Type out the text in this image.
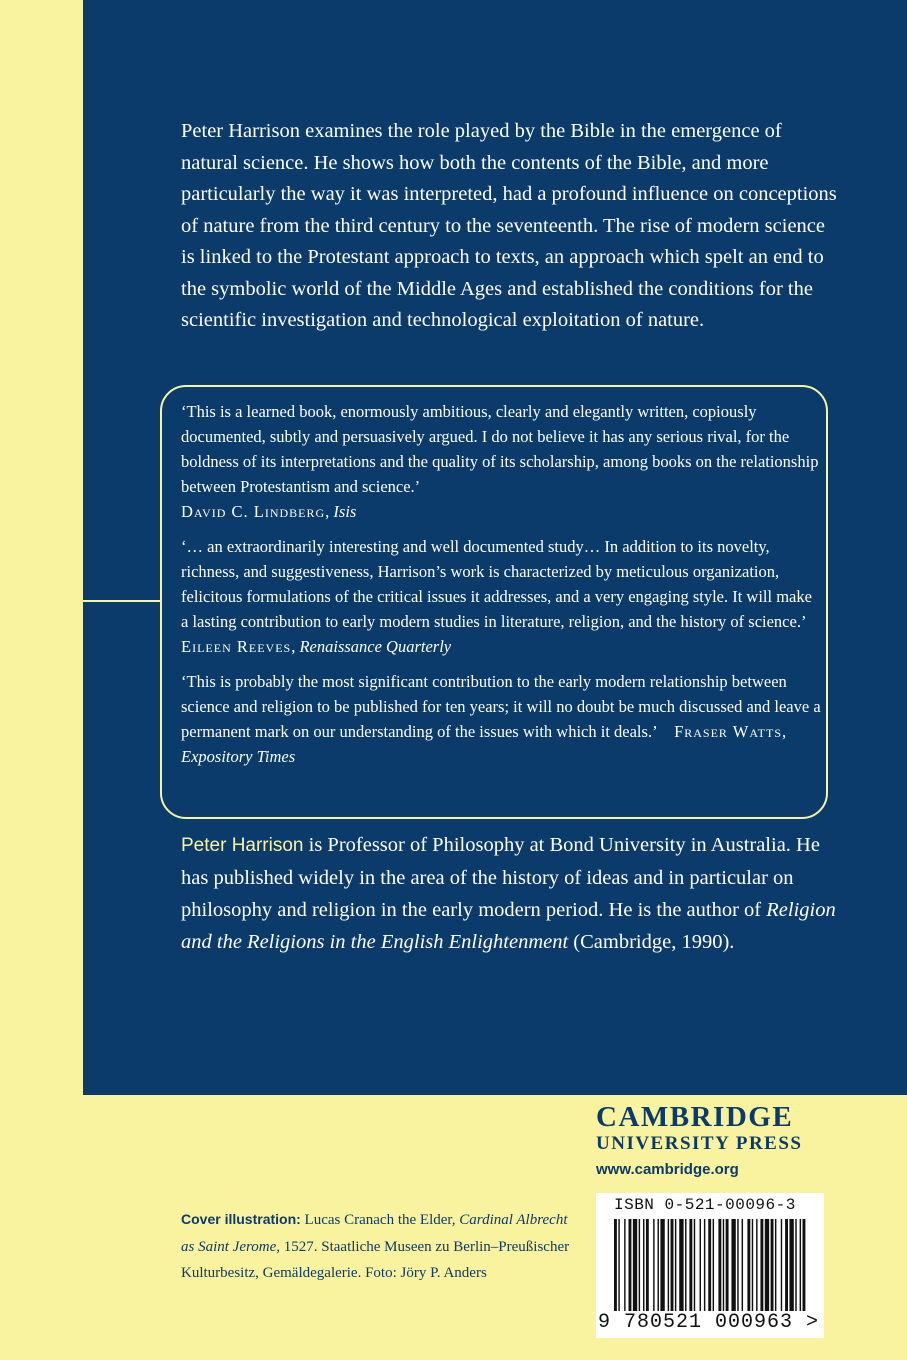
Peter Harrison examines the role played by the Bible in the emergence of natural science. He shows how both the contents of the Bible, and more particularly the way it was interpreted, had a profound influence on conceptions of nature from the third century to the seventeenth. The rise of modern science is linked to the Protestant approach to texts, an approach which spelt an end to the symbolic world of the Middle Ages and established the conditions for the scientific investigation and technological exploitation of nature.

‘This is a learned book, enormously ambitious, clearly and elegantly written, copiously documented, subtly and persuasively argued. I do not believe it has any serious rival, for the boldness of its interpretations and the quality of its scholarship, among books on the relationship between Protestantism and science.’
David C. Lindberg, Isis

‘… an extraordinarily interesting and well documented study… In addition to its novelty, richness, and suggestiveness, Harrison’s work is characterized by meticulous organization, felicitous formulations of the critical issues it addresses, and a very engaging style. It will make a lasting contribution to early modern studies in literature, religion, and the history of science.’
Eileen Reeves, Renaissance Quarterly

‘This is probably the most significant contribution to the early modern relationship between science and religion to be published for ten years; it will no doubt be much discussed and leave a permanent mark on our understanding of the issues with which it deals.’ Fraser Watts, Expository Times

Peter Harrison is Professor of Philosophy at Bond University in Australia. He has published widely in the area of the history of ideas and in particular on philosophy and religion in the early modern period. He is the author of Religion and the Religions in the English Enlightenment (Cambridge, 1990).

CAMBRIDGE
UNIVERSITY PRESS
www.cambridge.org

Cover illustration: Lucas Cranach the Elder, Cardinal Albrecht as Saint Jerome, 1527. Staatliche Museen zu Berlin–Preußischer Kulturbesitz, Gemäldegalerie. Foto: Jöry P. Anders

ISBN 0-521-00096-3
9 780521 000963 >
